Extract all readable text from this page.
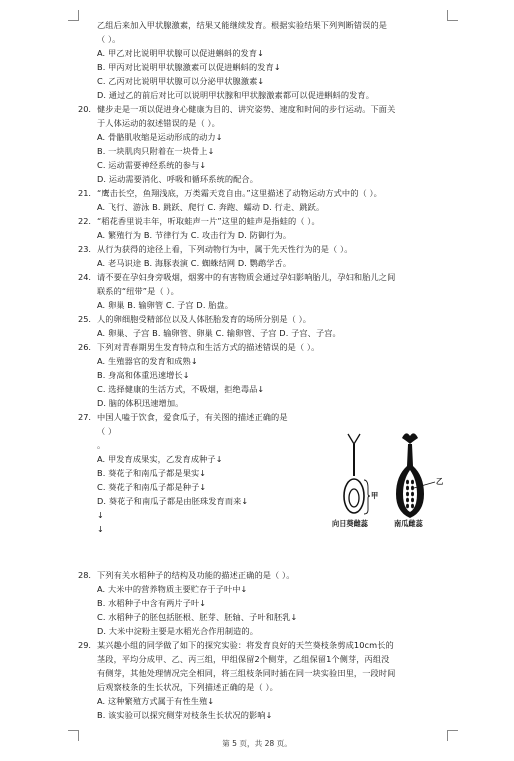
乙组后来加入甲状腺激素，结果又能继续发育。根据实验结果下列判断错误的是
（ ）。
A. 甲乙对比说明甲状腺可以促进蝌蚪的发育↓
B. 甲丙对比说明甲状腺激素可以促进蝌蚪的发育↓
C. 乙丙对比说明甲状腺可以分泌甲状腺激素↓
D. 通过乙的前后对比可以说明甲状腺和甲状腺激素都可以促进蝌蚪的发育。
健步走是一项以促进身心健康为目的、讲究姿势、速度和时间的步行运动。下面关
于人体运动的叙述错误的是（ ）。
A. 骨骼肌收缩是运动形成的动力↓
B. 一块肌肉只附着在一块骨上↓
C. 运动需要神经系统的参与↓
D. 运动需要消化、呼吸和循环系统的配合。
“鹰击长空，鱼翔浅底，万类霜天竞自由。”这里描述了动物运动方式中的（ ）。
A. 飞行、游泳 B. 跳跃、爬行 C. 奔跑、蠕动 D. 行走、跳跃。
“稻花香里说丰年，听取蛙声一片”这里的蛙声是指蛙的（ ）。
A. 繁殖行为 B. 节律行为 C. 攻击行为 D. 防御行为。
从行为获得的途径上看，下列动物行为中，属于先天性行为的是（ ）。
A. 老马识途 B. 海豚表演 C. 蜘蛛结网 D. 鹦鹉学舌。
请不要在孕妇身旁吸烟，烟雾中的有害物质会通过孕妇影响胎儿，孕妇和胎儿之间
联系的“纽带”是（ ）。
A. 卵巢 B. 输卵管 C. 子宫 D. 胎盘。
人的卵细胞受精部位以及人体胚胎发育的场所分别是（ ）。
A. 卵巢、子宫 B. 输卵管、卵巢 C. 输卵管、子宫 D. 子宫、子宫。
下列对青春期男生发育特点和生活方式的描述错误的是（ ）。
A. 生殖器官的发育和成熟↓
B. 身高和体重迅速增长↓
C. 选择健康的生活方式，不吸烟，拒绝毒品↓
D. 脑的体积迅速增加。
中国人嗑于饮食，爱食瓜子，有关图的描述正确的是
（ ）
。
A. 甲发育成果实，乙发育成种子↓
B. 葵花子和南瓜子都是果实↓
C. 葵花子和南瓜子都是种子↓
D. 葵花子和南瓜子都是由胚珠发育而来↓
↓
↓
下列有关水稻种子的结构及功能的描述正确的是（ ）。
A. 大米中的营养物质主要贮存于子叶中↓
B. 水稻种子中含有两片子叶↓
C. 水稻种子的胚包括胚根、胚芽、胚轴、子叶和胚乳↓
D. 大米中淀粉主要是水稻光合作用制造的。
某兴趣小组的同学做了如下的探究实验：将发育良好的天竺葵枝条剪成10cm长的
茎段，平均分成甲、乙、丙三组，甲组保留2个侧芽，乙组保留1个侧芽，丙组没
有侧芽，其他处理情况完全相同，将三组枝条同时插在同一块实验田里，一段时间
后观察枝条的生长状况，下列描述正确的是（ ）。
A. 这种繁殖方式属于有性生殖↓
B. 该实验可以探究侧芽对枝条生长状况的影响↓
20.
21.
22.
23.
24.
25.
26.
27.
28.
29.
甲
乙
向日葵雌蕊	南瓜雌蕊
第 5 页，共 28 页。
